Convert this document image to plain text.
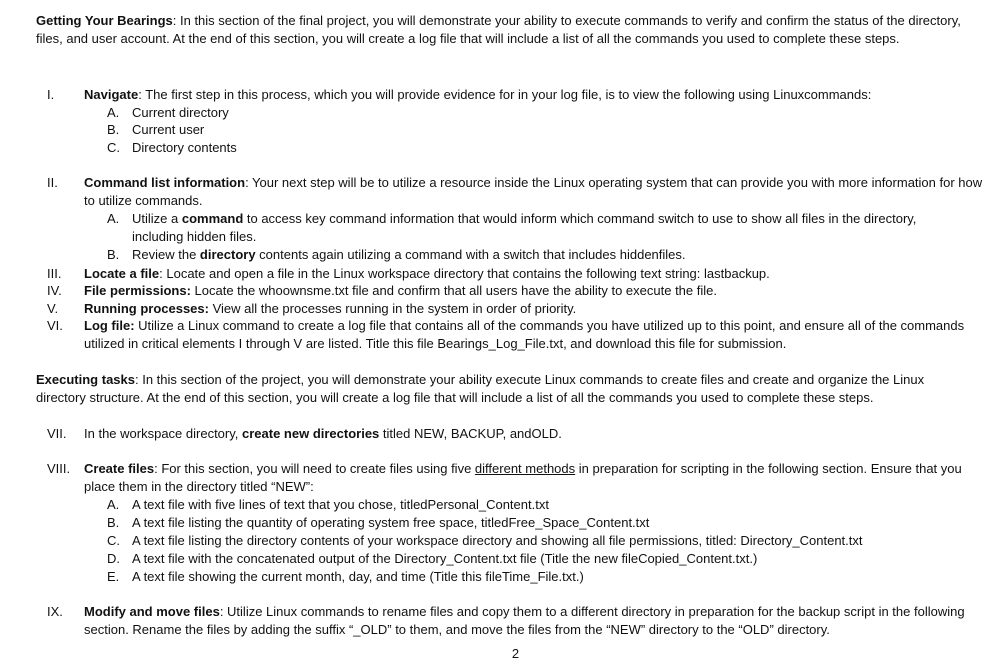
Getting Your Bearings: In this section of the final project, you will demonstrate your ability to execute commands to verify and confirm the status of the directory, files, and user account. At the end of this section, you will create a log file that will include a list of all the commands you used to complete these steps.
I.	Navigate: The first step in this process, which you will provide evidence for in your log file, is to view the following using Linuxcommands:
A. Current directory
B. Current user
C. Directory contents
II.	Command list information: Your next step will be to utilize a resource inside the Linux operating system that can provide you with more information for how to utilize commands.
A. Utilize a command to access key command information that would inform which command switch to use to show all files in the directory, including hidden files.
B. Review the directory contents again utilizing a command with a switch that includes hiddenfiles.
III.	Locate a file: Locate and open a file in the Linux workspace directory that contains the following text string: lastbackup.
IV.	File permissions: Locate the whoownsme.txt file and confirm that all users have the ability to execute the file.
V.	Running processes: View all the processes running in the system in order of priority.
VI.	Log file: Utilize a Linux command to create a log file that contains all of the commands you have utilized up to this point, and ensure all of the commands utilized in critical elements I through V are listed. Title this file Bearings_Log_File.txt, and download this file for submission.
Executing tasks: In this section of the project, you will demonstrate your ability execute Linux commands to create files and create and organize the Linux directory structure. At the end of this section, you will create a log file that will include a list of all the commands you used to complete these steps.
VII.	In the workspace directory, create new directories titled NEW, BACKUP, andOLD.
VIII.	Create files: For this section, you will need to create files using five different methods in preparation for scripting in the following section. Ensure that you place them in the directory titled “NEW”:
A. A text file with five lines of text that you chose, titledPersonal_Content.txt
B. A text file listing the quantity of operating system free space, titledFree_Space_Content.txt
C. A text file listing the directory contents of your workspace directory and showing all file permissions, titled: Directory_Content.txt
D. A text file with the concatenated output of the Directory_Content.txt file (Title the new fileCopied_Content.txt.)
E. A text file showing the current month, day, and time (Title this fileTime_File.txt.)
IX.	Modify and move files: Utilize Linux commands to rename files and copy them to a different directory in preparation for the backup script in the following section. Rename the files by adding the suffix “_OLD” to them, and move the files from the “NEW” directory to the “OLD” directory.
2
